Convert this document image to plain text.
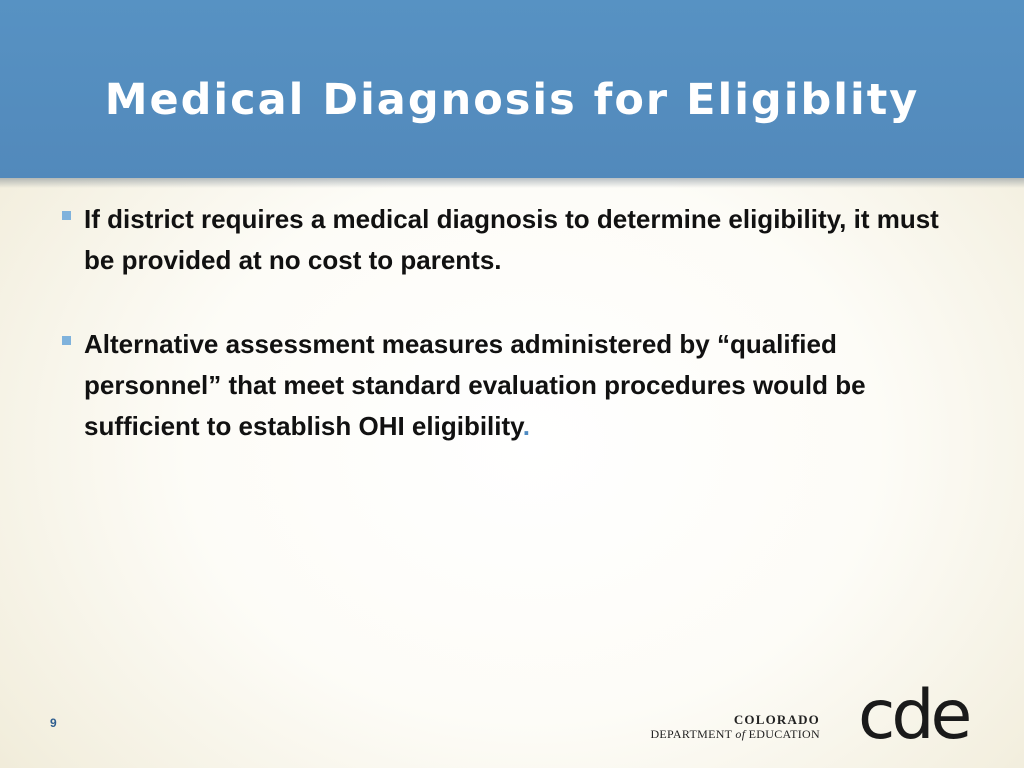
Medical Diagnosis for Eligiblity
If district requires a medical diagnosis to determine eligibility, it must be provided at no cost to parents.
Alternative assessment measures administered by “qualified personnel” that meet standard evaluation procedures would be sufficient to establish OHI eligibility.
9	COLORADO
DEPARTMENT of EDUCATION cde
